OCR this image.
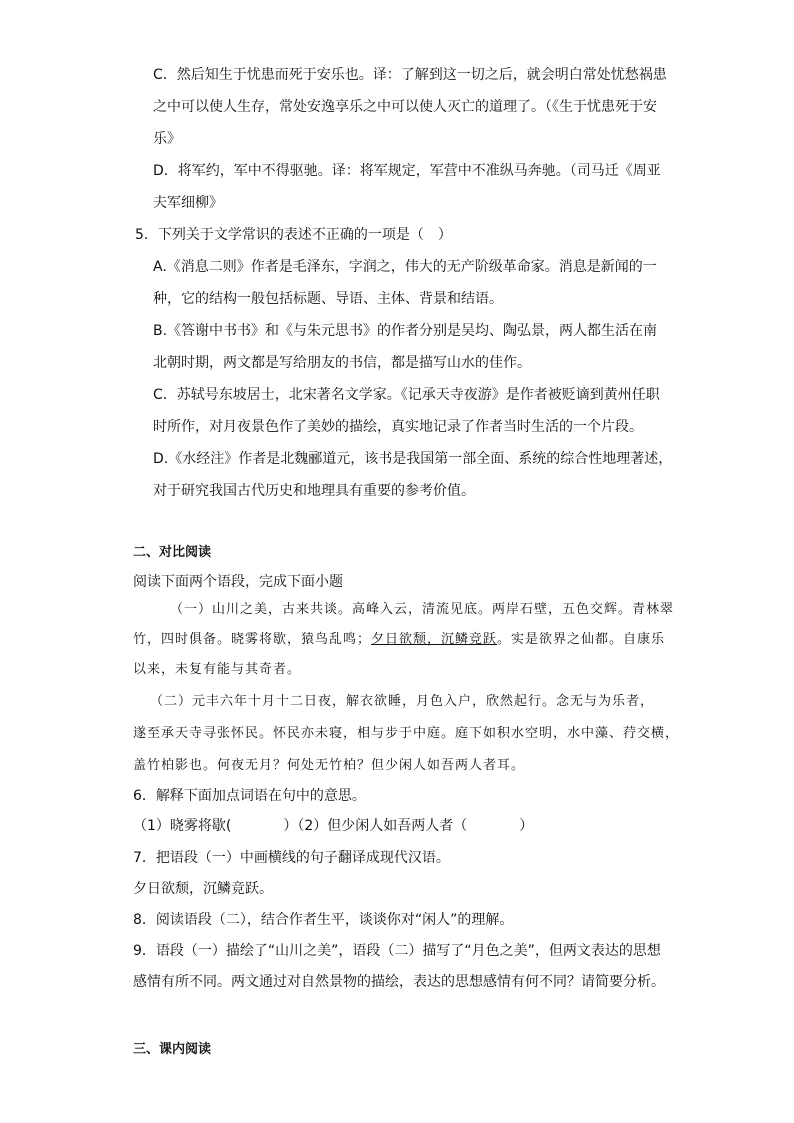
C．然后知生于忧患而死于安乐也。译：了解到这一切之后，就会明白常处忧愁祸患
之中可以使人生存，常处安逸享乐之中可以使人灭亡的道理了。（《生于忧患死于安
乐》
D．将军约，军中不得驱驰。译：将军规定，军营中不准纵马奔驰。（司马迁《周亚
夫军细柳》
5．下列关于文学常识的表述不正确的一项是（　）
A.《消息二则》作者是毛泽东，字润之，伟大的无产阶级革命家。消息是新闻的一
种，它的结构一般包括标题、导语、主体、背景和结语。
B.《答谢中书书》和《与朱元思书》的作者分别是吴均、陶弘景，两人都生活在南
北朝时期，两文都是写给朋友的书信，都是描写山水的佳作。
C．苏轼号东坡居士，北宋著名文学家。《记承天寺夜游》是作者被贬谪到黄州任职
时所作，对月夜景色作了美妙的描绘，真实地记录了作者当时生活的一个片段。
D.《水经注》作者是北魏郦道元，该书是我国第一部全面、系统的综合性地理著述，
对于研究我国古代历史和地理具有重要的参考价值。
二、对比阅读
阅读下面两个语段，完成下面小题
（一）山川之美，古来共谈。高峰入云，清流见底。两岸石壁，五色交辉。青林翠
竹，四时俱备。晓雾将歇，猿鸟乱鸣；夕日欲颓，沉鳞竞跃。实是欲界之仙都。自康乐
以来，未复有能与其奇者。
（二）元丰六年十月十二日夜，解衣欲睡，月色入户，欣然起行。念无与为乐者，
遂至承天寺寻张怀民。怀民亦未寝，相与步于中庭。庭下如积水空明，水中藻、荇交横，
盖竹柏影也。何夜无月？何处无竹柏？但少闲人如吾两人者耳。
6．解释下面加点词语在句中的意思。
（1）晓雾将歇(	）（2）但少闲人如吾两人者（	）
7．把语段（一）中画横线的句子翻译成现代汉语。
夕日欲颓，沉鳞竞跃。
8．阅读语段（二），结合作者生平，谈谈你对“闲人”的理解。
9．语段（一）描绘了“山川之美”，语段（二）描写了“月色之美”，但两文表达的思想
感情有所不同。两文通过对自然景物的描绘，表达的思想感情有何不同？请简要分析。
三、课内阅读
